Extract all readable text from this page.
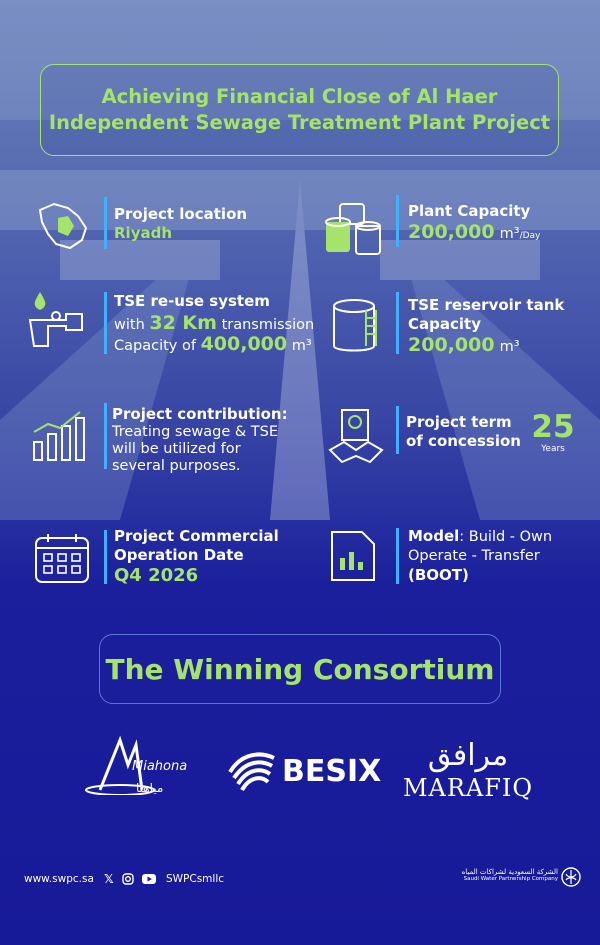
Achieving Financial Close of Al Haer
Independent Sewage Treatment Plant Project
Project location
Riyadh
Plant Capacity
200,000 m³/Day
TSE re-use system
with 32 Km transmission
Capacity of 400,000 m³
TSE reservoir tank
Capacity
200,000 m³
Project contribution:
Treating sewage & TSE
will be utilized for
several purposes.
Project term
of concession 25
Years
Project Commercial
Operation Date
Q4 2026
Model: Build - Own
Operate - Transfer
(BOOT)
The Winning Consortium
Miahona
مياهنا	BESIX	مرافق
MARAFIQ
www.swpc.sa 𝕏	SWPCsmllc
الشركة السعودية لشراكات المياه
Saudi Water Partnership Company
